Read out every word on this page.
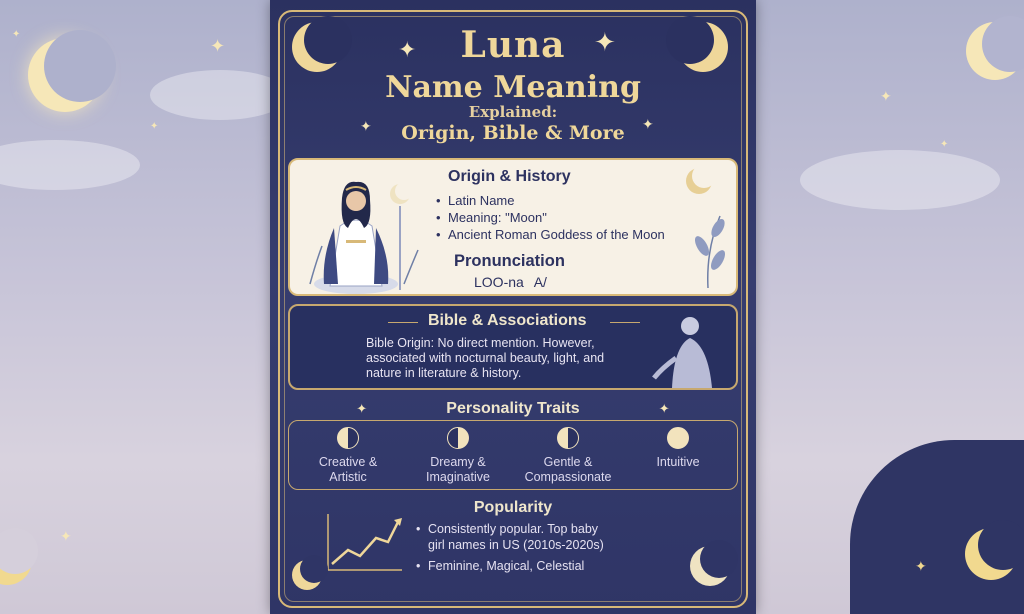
✦
✦
✦
✦
✦
✦
✦
✦	✦
✦	✦
Luna
Name Meaning
Explained:
Origin, Bible & More
Origin & History
• Latin Name
• Meaning: "Moon"
• Ancient Roman Goddess of the Moon
Pronunciation
LOO-na A/
Bible & Associations
Bible Origin: No direct mention. However, associated with nocturnal beauty, light, and nature in literature & history.
✦	Personality Traits	✦
Creative &
Artistic
Dreamy &
Imaginative
Gentle &
Compassionate
Intuitive
Popularity
• Consistently popular. Top baby girl names in US (2010s-2020s)
• Feminine, Magical, Celestial
